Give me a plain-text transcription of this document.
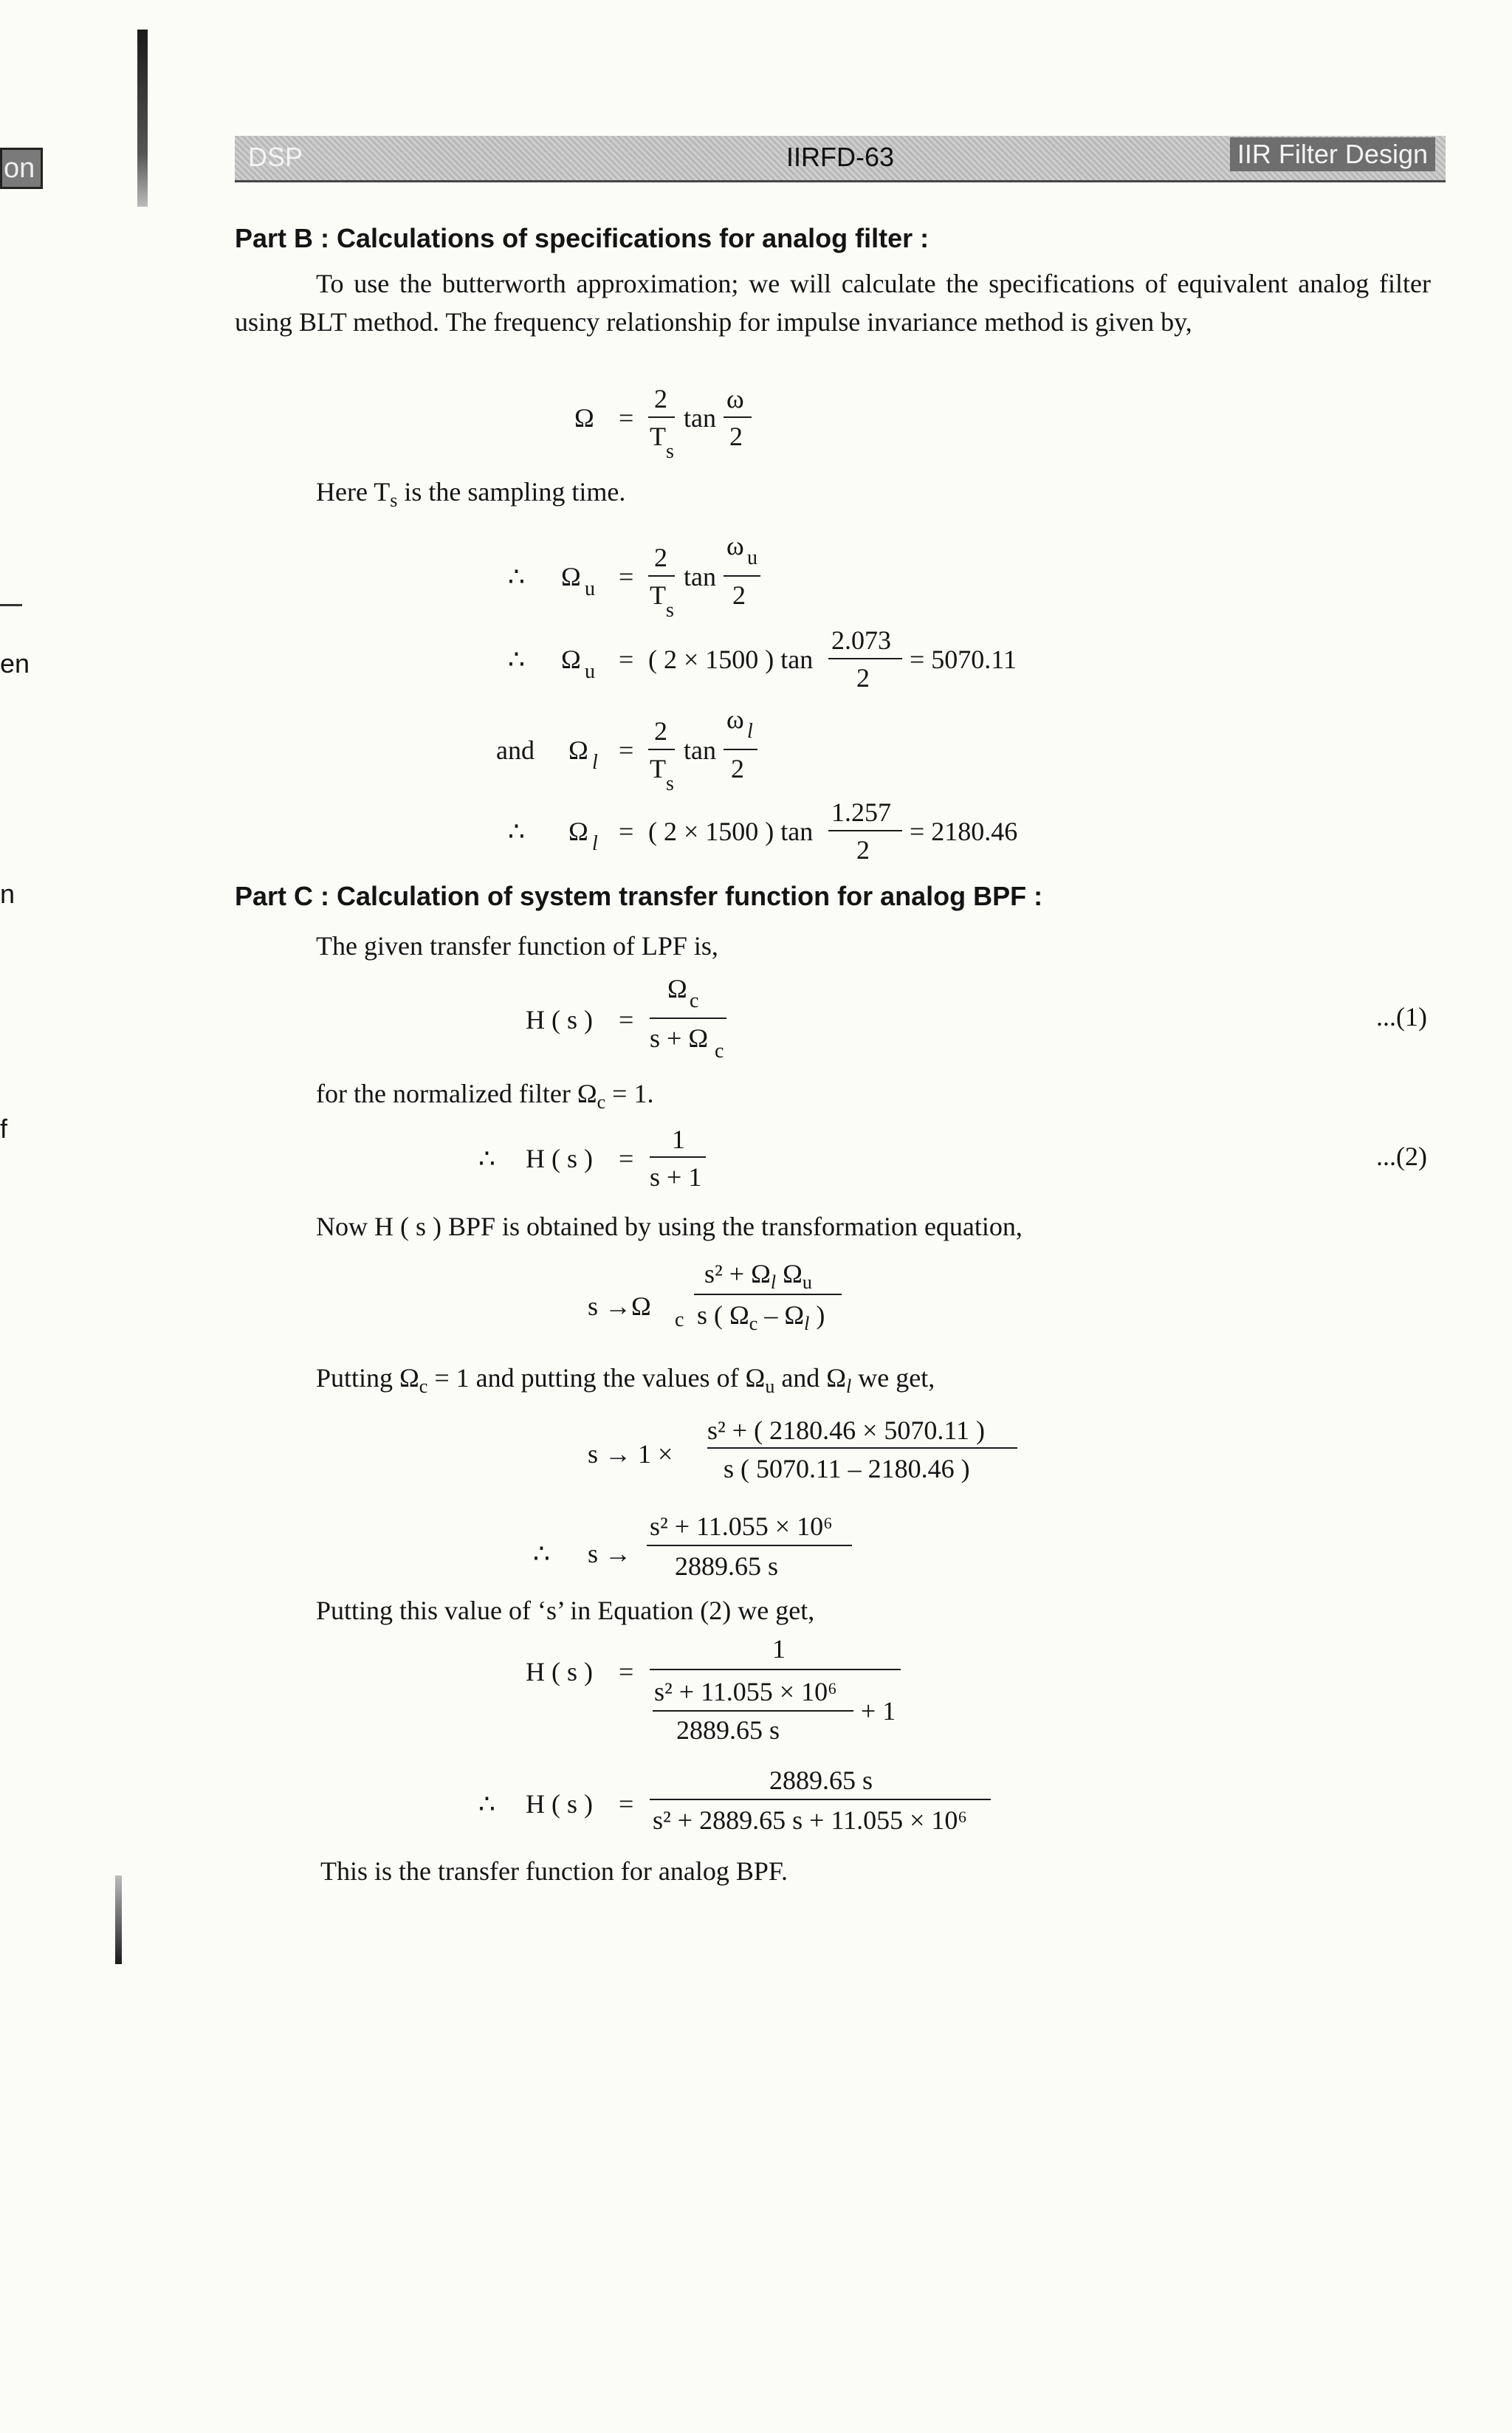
on
en
n
f
IIRFD-63
DSP	IIR Filter Design
Part B : Calculations of specifications for analog filter :
To use the butterworth approximation; we will calculate the specifications of equivalent analog filter using BLT method. The frequency relationship for impulse invariance method is given by,
Ω =
2
T
s
tan
ω
2
Here $T_s$ is the sampling time.
∴ Ω u =
2
T
s
tan
ω u
2
∴ Ω u = ( 2 × 1500 ) tan
2.073
2
= 5070.11
and Ω l =
2
T
s
tan
ω l
2
∴ Ω l = ( 2 × 1500 ) tan
1.257
2
= 2180.46
Part C : Calculation of system transfer function for analog BPF :
The given transfer function of LPF is,
H ( s ) =
Ω c
s + Ω c
...(1)
for the normalized filter $\Omega_c = 1$.
∴ H ( s ) =
1
s + 1
...(2)
Now H ( s ) BPF is obtained by using the transformation equation,
s →Ω c
$s^2 + \Omega_l$ $\Omega_u$
s ( $\Omega_c - \Omega_l$ )
Putting $\Omega_c = 1$ and putting the values of $\Omega_u$ and $\Omega_l$ we get,
s → 1 ×
s² + ( 2180.46 × 5070.11 )
s ( 5070.11 – 2180.46 )
∴ s →
s² + 11.055 × 10⁶
2889.65 s
Putting this value of ‘s’ in Equation (2) we get,
H ( s ) =
1
s² + 11.055 × 10⁶
2889.65 s
+ 1
∴ H ( s ) =
2889.65 s
s² + 2889.65 s + 11.055 × 10⁶
This is the transfer function for analog BPF.
